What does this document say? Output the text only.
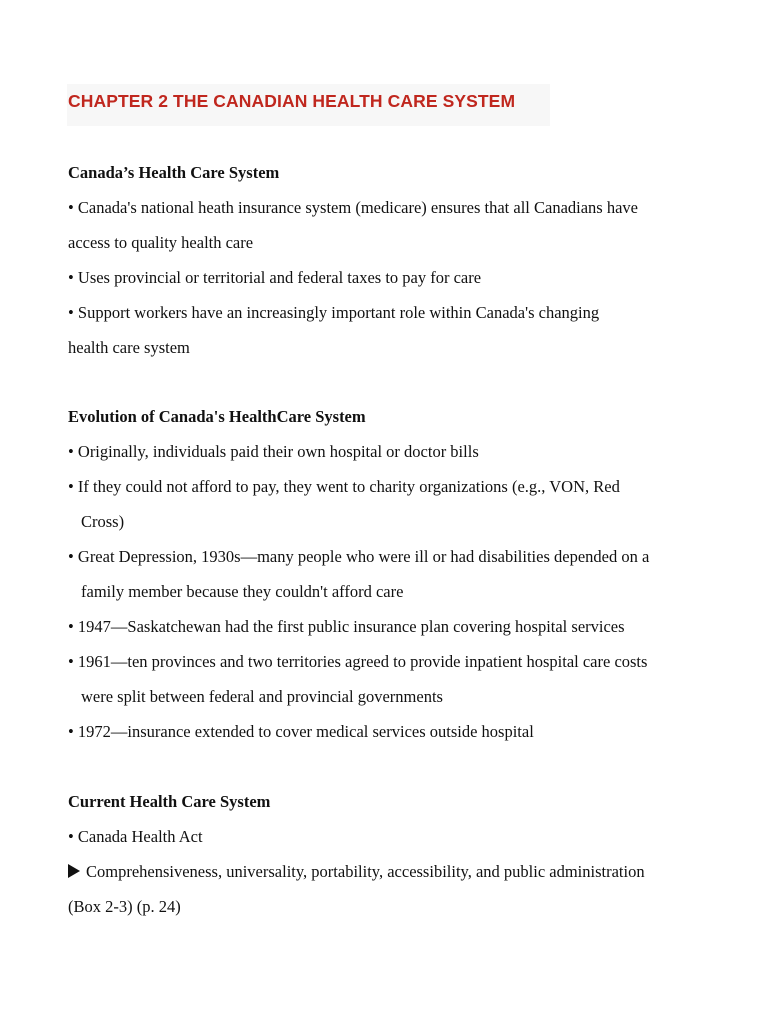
CHAPTER 2 THE CANADIAN HEALTH CARE SYSTEM
Canada’s Health Care System
• Canada's national heath insurance system (medicare) ensures that all Canadians have
access to quality health care
• Uses provincial or territorial and federal taxes to pay for care
• Support workers have an increasingly important role within Canada's changing
health care system
Evolution of Canada's HealthCare System
• Originally, individuals paid their own hospital or doctor bills
• If they could not afford to pay, they went to charity organizations (e.g., VON, Red
Cross)
• Great Depression, 1930s—many people who were ill or had disabilities depended on a
family member because they couldn't afford care
• 1947—Saskatchewan had the first public insurance plan covering hospital services
• 1961—ten provinces and two territories agreed to provide inpatient hospital care costs
were split between federal and provincial governments
• 1972—insurance extended to cover medical services outside hospital
Current Health Care System
• Canada Health Act
Comprehensiveness, universality, portability, accessibility, and public administration
(Box 2-3) (p. 24)
